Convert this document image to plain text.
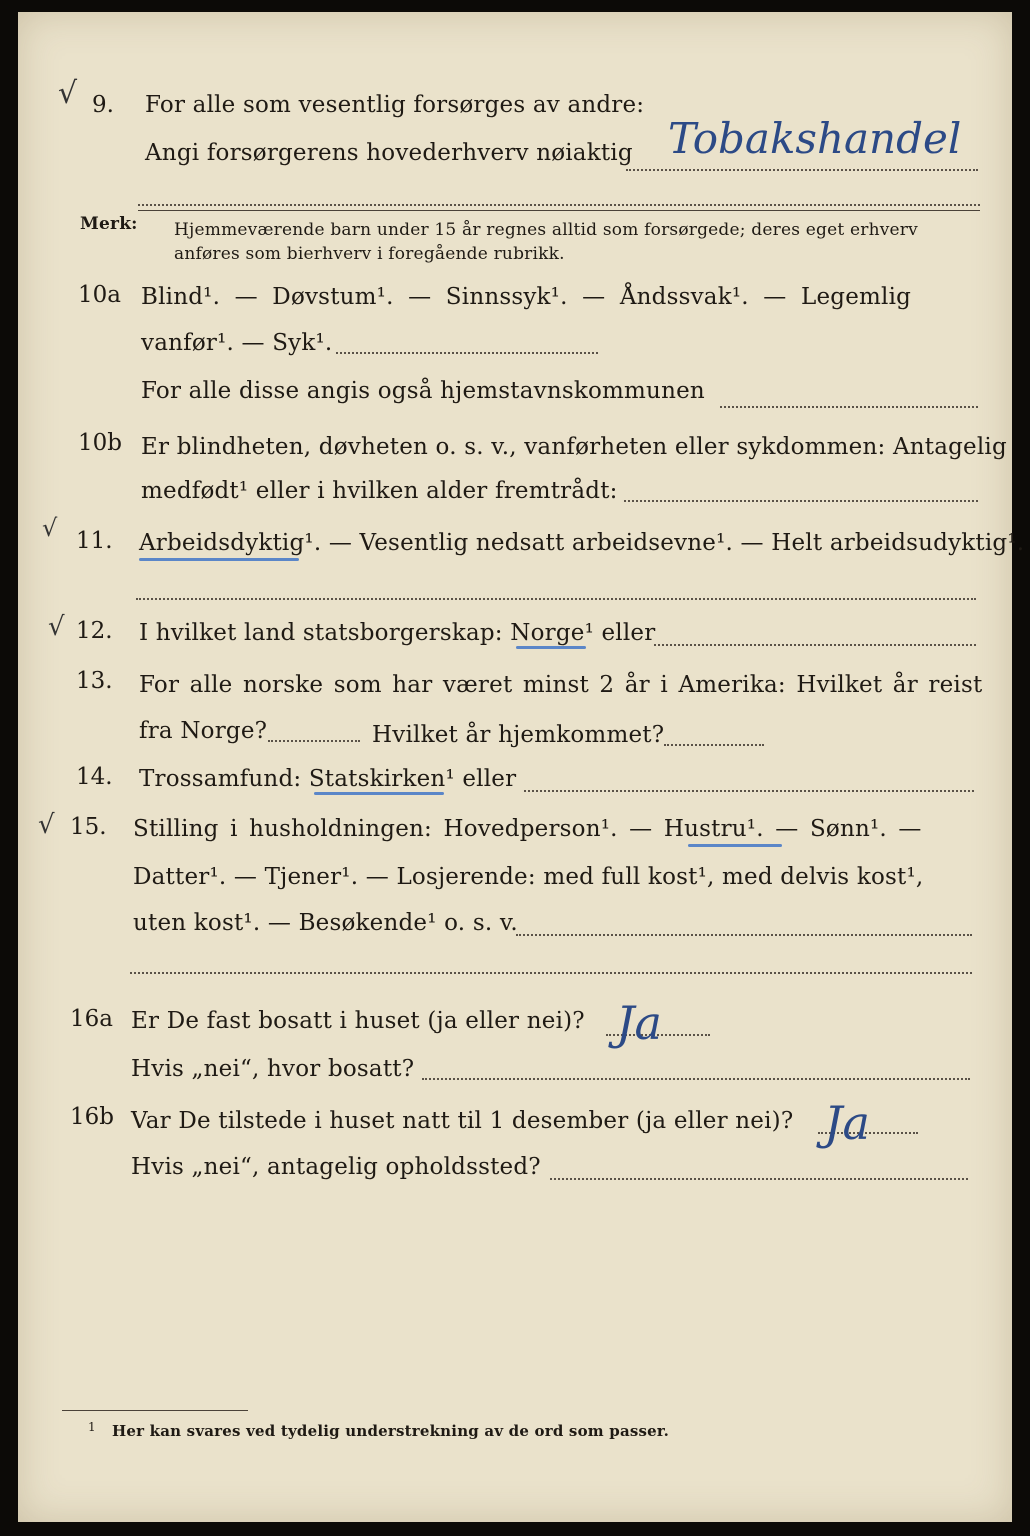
√ 9. For alle som vesentlig forsørges av andre:
Angi forsørgerens hovederhverv nøiaktig Tobakshandel
Merk: Hjemmeværende barn under 15 år regnes alltid som forsørgede; deres eget erhverv
anføres som bierhverv i foregående rubrikk.
10a Blind¹. — Døvstum¹. — Sinnssyk¹. — Åndssvak¹. — Legemlig
vanfør¹. — Syk¹.
For alle disse angis også hjemstavnskommunen
10b Er blindheten, døvheten o. s. v., vanførheten eller sykdommen: Antagelig
medfødt¹ eller i hvilken alder fremtrådt:
√ 11. Arbeidsdyktig¹. — Vesentlig nedsatt arbeidsevne¹. — Helt arbeidsudyktig¹.
√ 12. I hvilket land statsborgerskap: Norge¹ eller
13. For alle norske som har været minst 2 år i Amerika: Hvilket år reist
fra Norge?	Hvilket år hjemkommet?
14. Trossamfund: Statskirken¹ eller
√ 15. Stilling i husholdningen: Hovedperson¹. — Hustru¹. — Sønn¹. —
Datter¹. — Tjener¹. — Losjerende: med full kost¹, med delvis kost¹,
uten kost¹. — Besøkende¹ o. s. v.
16a Er De fast bosatt i huset (ja eller nei)? Ja
Hvis „nei“, hvor bosatt?
16b Var De tilstede i huset natt til 1 desember (ja eller nei)? Ja
Hvis „nei“, antagelig opholdssted?
1 Her kan svares ved tydelig understrekning av de ord som passer.
